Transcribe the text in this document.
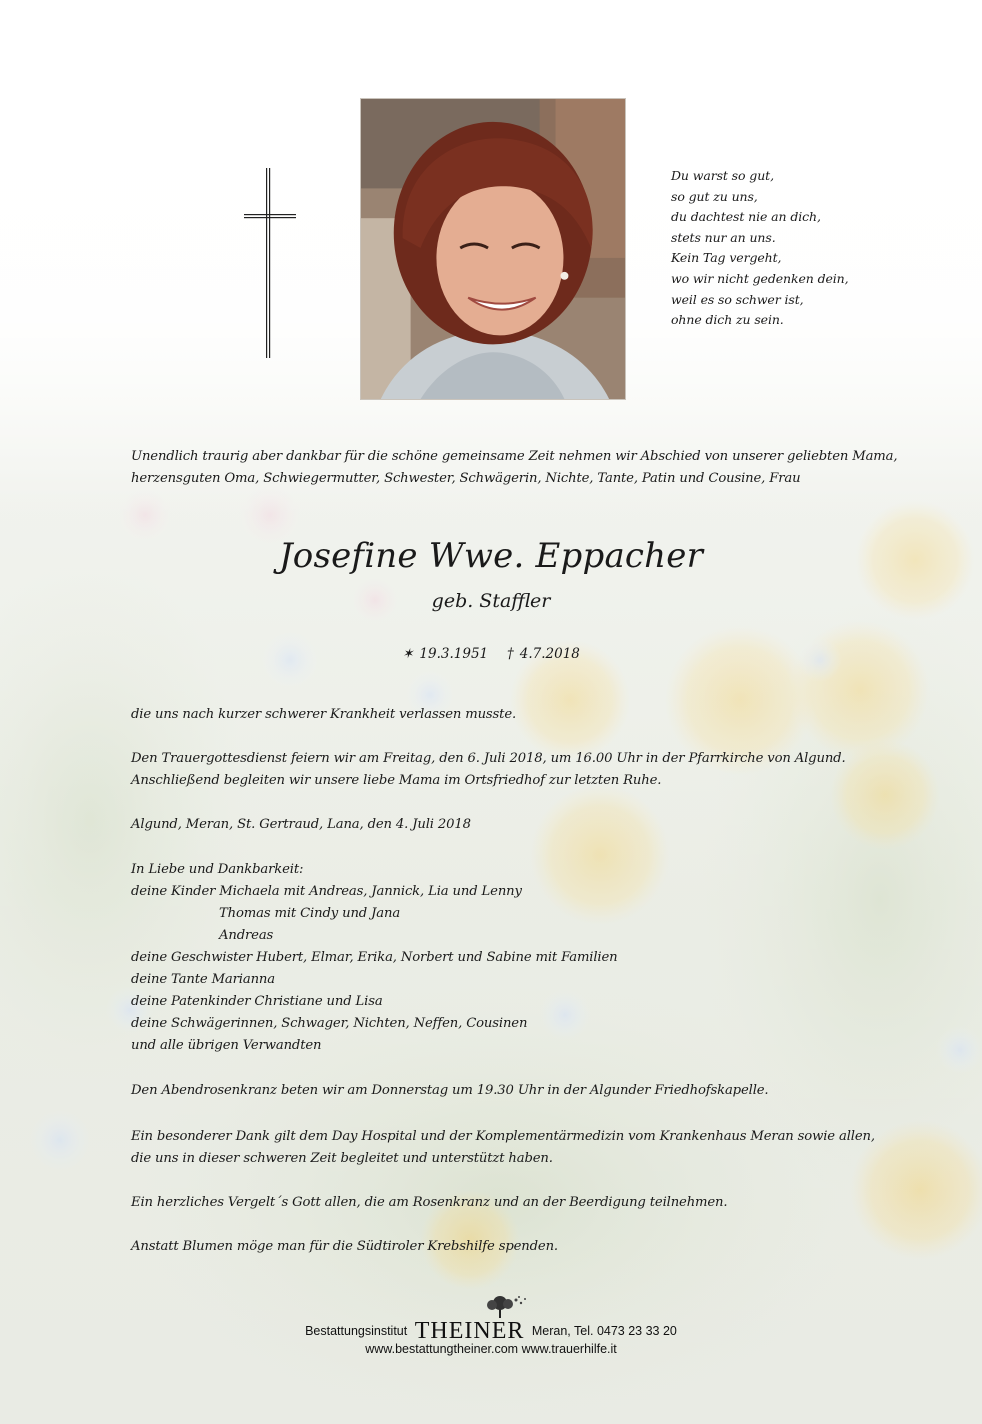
Du warst so gut,
so gut zu uns,
du dachtest nie an dich,
stets nur an uns.
Kein Tag vergeht,
wo wir nicht gedenken dein,
weil es so schwer ist,
ohne dich zu sein.
Unendlich traurig aber dankbar für die schöne gemeinsame Zeit nehmen wir Abschied von unserer geliebten Mama,
herzensguten Oma, Schwiegermutter, Schwester, Schwägerin, Nichte, Tante, Patin und Cousine, Frau
Josefine Wwe. Eppacher
geb. Staffler
✶ 19.3.1951 † 4.7.2018
die uns nach kurzer schwerer Krankheit verlassen musste.
Den Trauergottesdienst feiern wir am Freitag, den 6. Juli 2018, um 16.00 Uhr in der Pfarrkirche von Algund.
Anschließend begleiten wir unsere liebe Mama im Ortsfriedhof zur letzten Ruhe.
Algund, Meran, St. Gertraud, Lana, den 4. Juli 2018
In Liebe und Dankbarkeit:
deine Kinder Michaela mit Andreas, Jannick, Lia und Lenny
Thomas mit Cindy und Jana
Andreas
deine Geschwister Hubert, Elmar, Erika, Norbert und Sabine mit Familien
deine Tante Marianna
deine Patenkinder Christiane und Lisa
deine Schwägerinnen, Schwager, Nichten, Neffen, Cousinen
und alle übrigen Verwandten
Den Abendrosenkranz beten wir am Donnerstag um 19.30 Uhr in der Algunder Friedhofskapelle.
Ein besonderer Dank gilt dem Day Hospital und der Komplementärmedizin vom Krankenhaus Meran sowie allen,
die uns in dieser schweren Zeit begleitet und unterstützt haben.
Ein herzliches Vergelt´s Gott allen, die am Rosenkranz und an der Beerdigung teilnehmen.
Anstatt Blumen möge man für die Südtiroler Krebshilfe spenden.
Bestattungsinstitut THEINER Meran, Tel. 0473 23 33 20
www.bestattungtheiner.com www.trauerhilfe.it
